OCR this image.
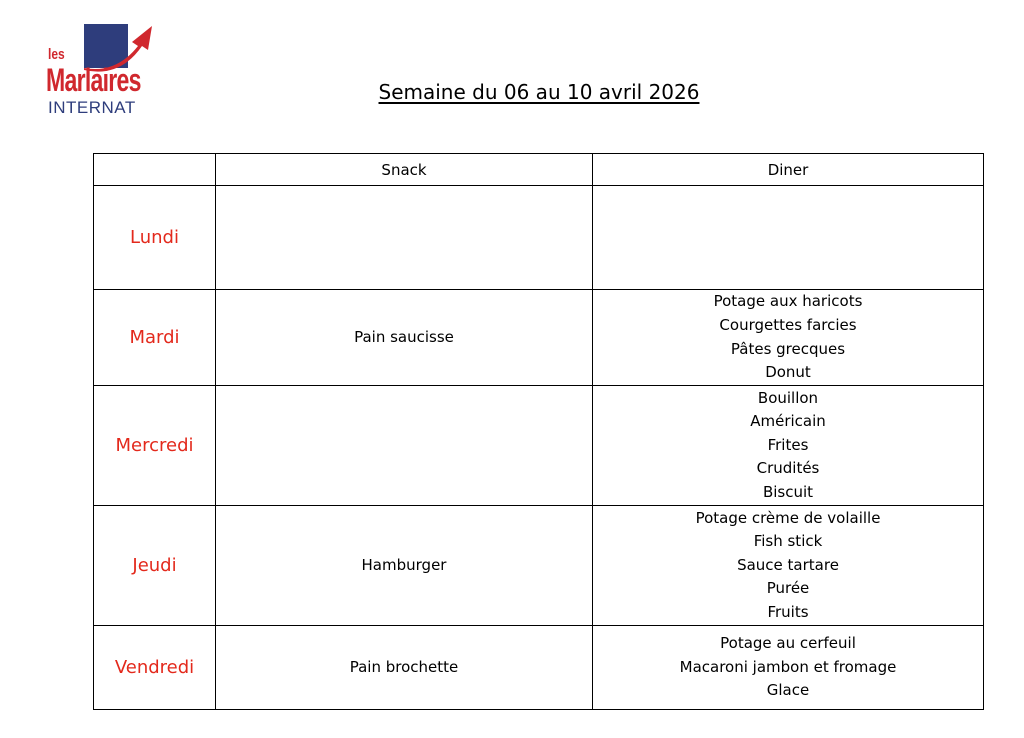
les
Marlaires
INTERNAT
Semaine du 06 au 10 avril 2026
	Snack	Diner
Lundi		
Mardi	Pain saucisse	Potage aux haricots
Courgettes farcies
Pâtes grecques
Donut

Mercredi		Bouillon
Américain
Frites
Crudités
Biscuit

Jeudi	Hamburger	Potage crème de volaille
Fish stick
Sauce tartare
Purée
Fruits

Vendredi	Pain brochette	Potage au cerfeuil
Macaroni jambon et fromage
Glace
